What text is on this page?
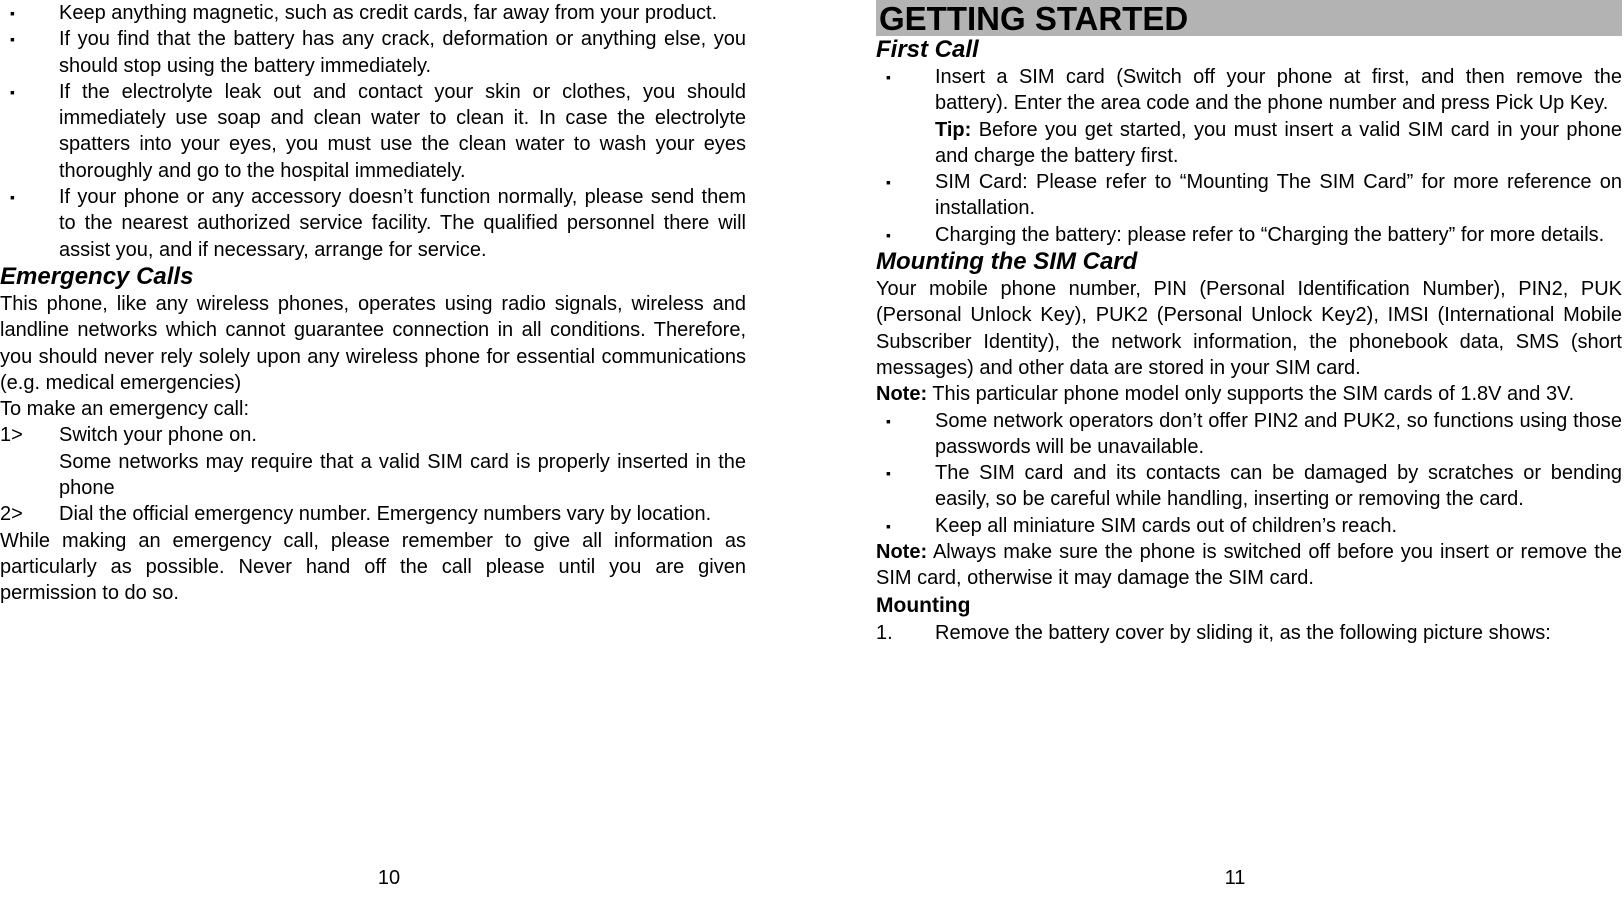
▪ Keep anything magnetic, such as credit cards, far away from your product.
▪ If you find that the battery has any crack, deformation or anything else, you should stop using the battery immediately.
▪ If the electrolyte leak out and contact your skin or clothes, you should immediately use soap and clean water to clean it. In case the electrolyte spatters into your eyes, you must use the clean water to wash your eyes thoroughly and go to the hospital immediately.
▪ If your phone or any accessory doesn’t function normally, please send them to the nearest authorized service facility. The qualified personnel there will assist you, and if necessary, arrange for service.
Emergency Calls

This phone, like any wireless phones, operates using radio signals, wireless and landline networks which cannot guarantee connection in all conditions. Therefore, you should never rely solely upon any wireless phone for essential communications (e.g. medical emergencies)

To make an emergency call:

1> Switch your phone on.
Some networks may require that a valid SIM card is properly inserted in the phone
2> Dial the official emergency number. Emergency numbers vary by location.

While making an emergency call, please remember to give all information as particularly as possible. Never hand off the call please until you are given permission to do so.

10
GETTING STARTED
First Call
▪ Insert a SIM card (Switch off your phone at first, and then remove the battery). Enter the area code and the phone number and press Pick Up Key.
Tip: Before you get started, you must insert a valid SIM card in your phone and charge the battery first.
▪ SIM Card: Please refer to “Mounting The SIM Card” for more reference on installation.
▪ Charging the battery: please refer to “Charging the battery” for more details.
Mounting the SIM Card

Your mobile phone number, PIN (Personal Identification Number), PIN2, PUK (Personal Unlock Key), PUK2 (Personal Unlock Key2), IMSI (International Mobile Subscriber Identity), the network information, the phonebook data, SMS (short messages) and other data are stored in your SIM card.

Note: This particular phone model only supports the SIM cards of 1.8V and 3V.

▪ Some network operators don’t offer PIN2 and PUK2, so functions using those passwords will be unavailable.
▪ The SIM card and its contacts can be damaged by scratches or bending easily, so be careful while handling, inserting or removing the card.
▪ Keep all miniature SIM cards out of children’s reach.

Note: Always make sure the phone is switched off before you insert or remove the SIM card, otherwise it may damage the SIM card.

Mounting
1. Remove the battery cover by sliding it, as the following picture shows:
11
